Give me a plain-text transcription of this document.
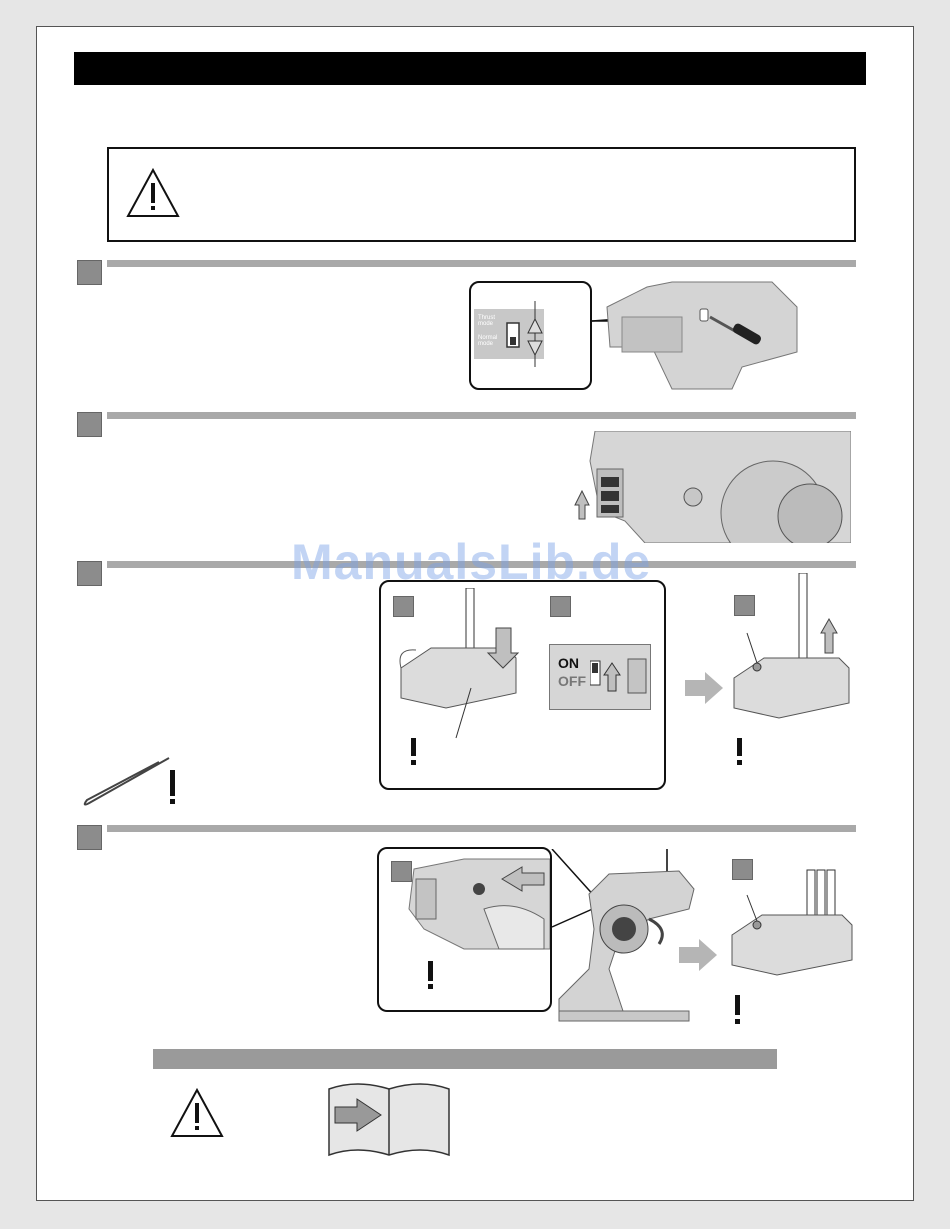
Thrust mode
Normal mode
ON
OFF
ManualsLib.de
